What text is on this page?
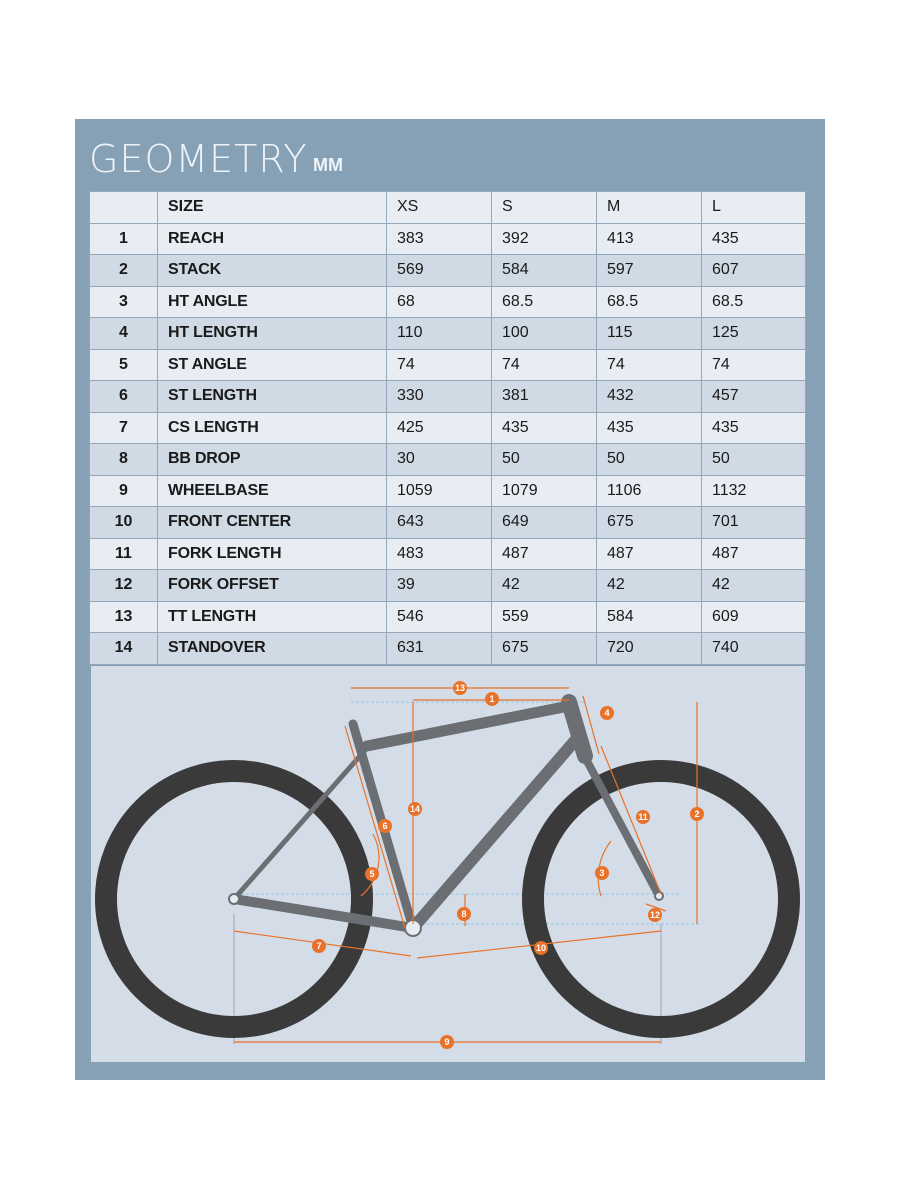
GEOMETRY MM
	SIZE	XS	S	M	L
1	REACH	383	392	413	435
2	STACK	569	584	597	607
3	HT ANGLE	68	68.5	68.5	68.5
4	HT LENGTH	110	100	115	125
5	ST ANGLE	74	74	74	74
6	ST LENGTH	330	381	432	457
7	CS LENGTH	425	435	435	435
8	BB DROP	30	50	50	50
9	WHEELBASE	1059	1079	1106	1132
10	FRONT CENTER	643	649	675	701
11	FORK LENGTH	483	487	487	487
12	FORK OFFSET	39	42	42	42
13	TT LENGTH	546	559	584	609
14	STANDOVER	631	675	720	740
13
1
4
6
14
11	2
5	3
8	12
7	10
9
